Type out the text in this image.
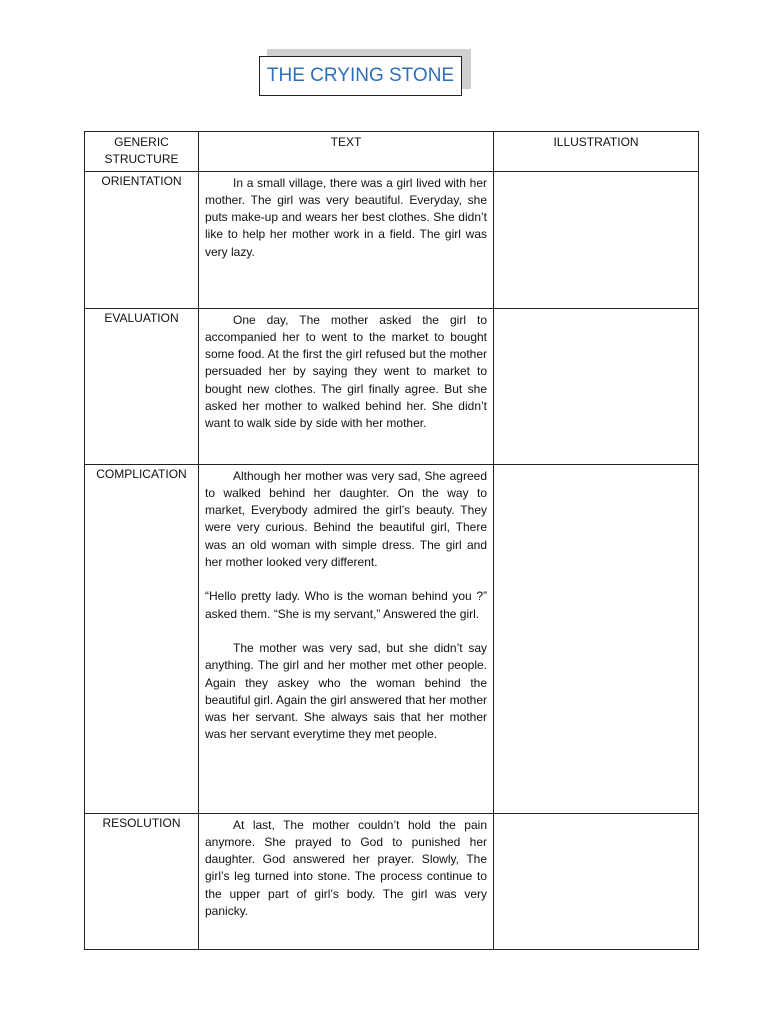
THE CRYING STONE
GENERIC
STRUCTURE	TEXT	ILLUSTRATION
ORIENTATION	In a small village, there was a girl lived with her mother. The girl was very beautiful. Everyday, she puts make-up and wears her best clothes. She didn’t like to help her mother work in a field. The girl was very lazy.	

EVALUATION	One day, The mother asked the girl to accompanied her to went to the market to bought some food. At the first the girl refused but the mother persuaded her by saying they went to market to bought new clothes. The girl finally agree. But she asked her mother to walked behind her. She didn’t want to walk side by side with her mother.	

COMPLICATION	Although her mother was very sad, She agreed to walked behind her daughter. On the way to market, Everybody admired the girl’s beauty. They were very curious. Behind the beautiful girl, There was an old woman with simple dress. The girl and her mother looked very different.

“Hello pretty lady. Who is the woman behind you ?” asked them. “She is my servant,” Answered the girl.

The mother was very sad, but she didn’t say anything. The girl and her mother met other people. Again they askey who the woman behind the beautiful girl. Again the girl answered that her mother was her servant. She always sais that her mother was her servant everytime they met people.	

RESOLUTION	At last, The mother couldn’t hold the pain anymore. She prayed to God to punished her daughter. God answered her prayer. Slowly, The girl’s leg turned into stone. The process continue to the upper part of girl’s body. The girl was very panicky.	
